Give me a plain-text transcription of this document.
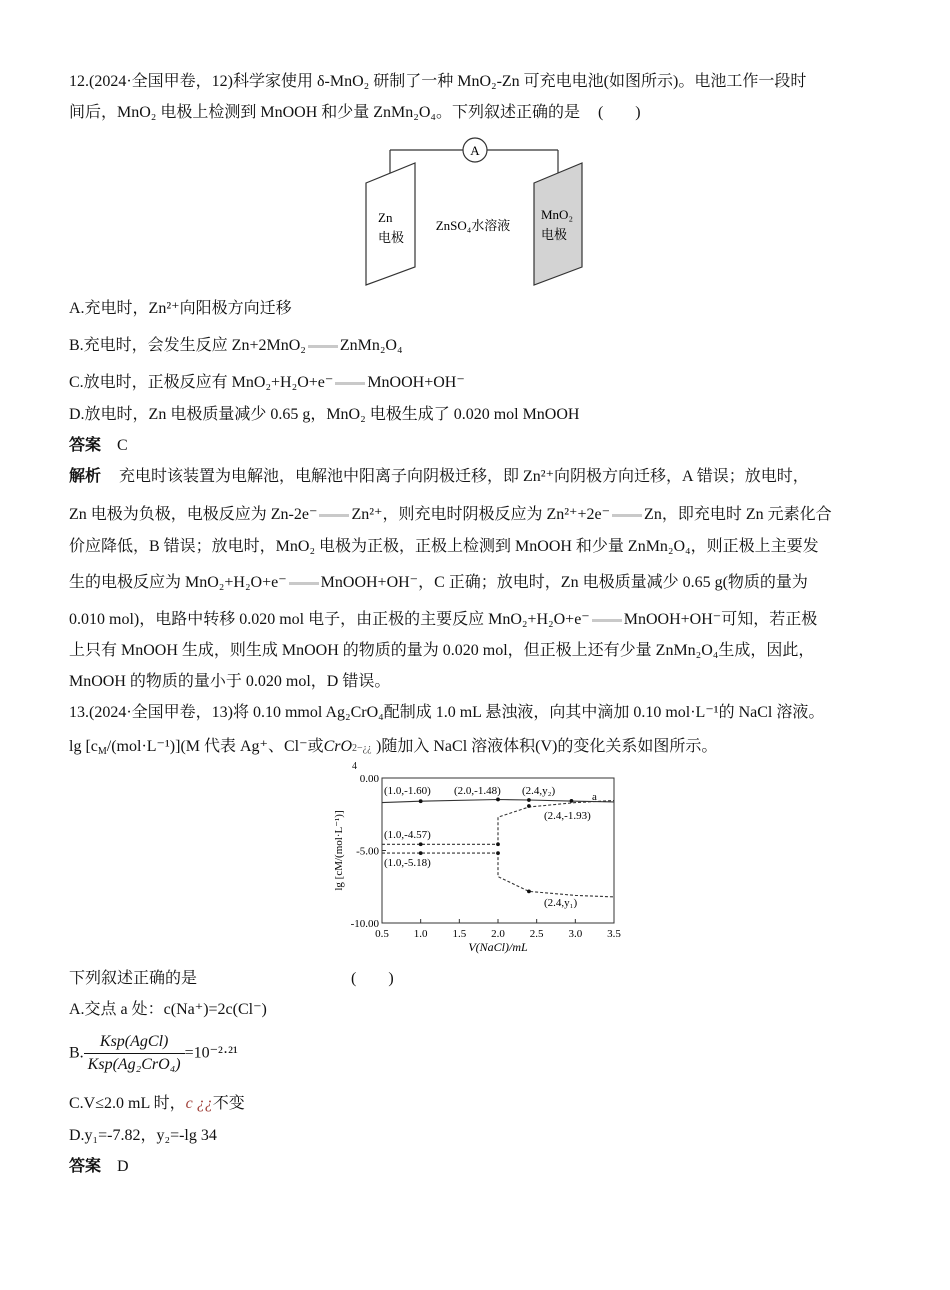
12.(2024·全国甲卷，12)科学家使用 δ-MnO₂ 研制了一种 MnO₂-Zn 可充电电池(如图所示)。电池工作一段时
间后，MnO₂ 电极上检测到 MnOOH 和少量 ZnMn₂O₄。下列叙述正确的是 (　　)
A
Zn
电极
ZnSO₄水溶液
MnO₂
电极
A.充电时，Zn²⁺向阳极方向迁移
B.充电时，会发生反应 Zn+2MnO₂ ZnMn₂O₄
C.放电时，正极反应有 MnO₂+H₂O+e⁻ MnOOH+OH⁻
D.放电时，Zn 电极质量减少 0.65 g，MnO₂ 电极生成了 0.020 mol MnOOH
答案 C
解析 充电时该装置为电解池，电解池中阳离子向阴极迁移，即 Zn²⁺向阴极方向迁移，A 错误；放电时，
Zn 电极为负极，电极反应为 Zn-2e⁻ Zn²⁺，则充电时阴极反应为 Zn²⁺+2e⁻ Zn，即充电时 Zn 元素化合
价应降低，B 错误；放电时，MnO₂ 电极为正极，正极上检测到 MnOOH 和少量 ZnMn₂O₄，则正极上主要发
生的电极反应为 MnO₂+H₂O+e⁻ MnOOH+OH⁻，C 正确；放电时，Zn 电极质量减少 0.65 g(物质的量为
0.010 mol)，电路中转移 0.020 mol 电子，由正极的主要反应 MnO₂+H₂O+e⁻ MnOOH+OH⁻可知，若正极
上只有 MnOOH 生成，则生成 MnOOH 的物质的量为 0.020 mol，但正极上还有少量 ZnMn₂O₄生成，因此，
MnOOH 的物质的量小于 0.020 mol，D 错误。
13.(2024·全国甲卷，13)将 0.10 mmol Ag₂CrO₄配制成 1.0 mL 悬浊液，向其中滴加 0.10 mol·L⁻¹的 NaCl 溶液。
$\lg [c_M/(mol\cdot L^{-1})](M$ 代表 Ag⁺、Cl⁻或CrO 2−¿¿
4
)随加入 NaCl 溶液体积(V)的变化关系如图所示。
0.5 1.0 1.5 2.0 2.5 3.0 3.5
0.00
-5.00
-10.00
V(NaCl)/mL
lg [cM/(mol·L⁻¹)]
(1.0,-1.60) (2.0,-1.48) (2.4,y₂)	a
(2.4,-1.93)
(1.0,-4.57)
(1.0,-5.18)
(2.4,y₁)
下列叙述正确的是	(　　)
A.交点 a 处：c(Na⁺)=2c(Cl⁻)
B. $\frac{\text{Ksp(AgCl)}}{\text{Ksp(Ag₂CrO₄)}} =10^{-2}\cdot^{21}$
C.V≤2.0 mL 时，c ¿¿不变
D.y₁=-7.82，y₂=-lg 34
答案 D
